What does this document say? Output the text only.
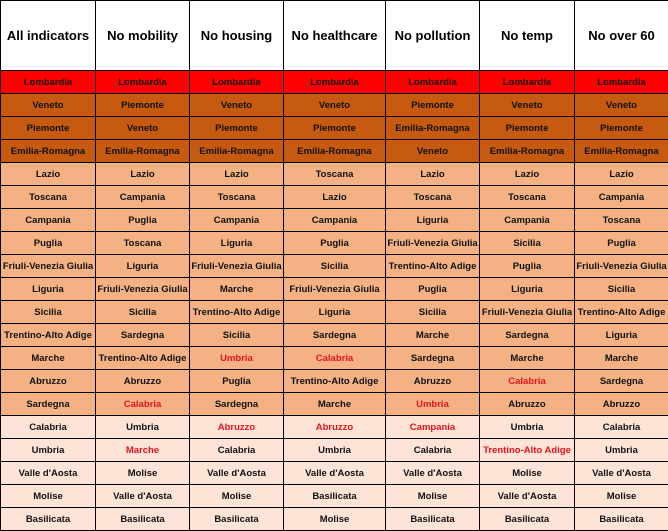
All indicators	No mobility	No housing	No healthcare	No pollution	No temp	No over 60
Lombardia	Lombardia	Lombardia	Lombardia	Lombardia	Lombardia	Lombardia
Veneto	Piemonte	Veneto	Veneto	Piemonte	Veneto	Veneto
Piemonte	Veneto	Piemonte	Piemonte	Emilia-Romagna	Piemonte	Piemonte
Emilia-Romagna	Emilia-Romagna	Emilia-Romagna	Emilia-Romagna	Veneto	Emilia-Romagna	Emilia-Romagna
Lazio	Lazio	Lazio	Toscana	Lazio	Lazio	Lazio
Toscana	Campania	Toscana	Lazio	Toscana	Toscana	Campania
Campania	Puglia	Campania	Campania	Liguria	Campania	Toscana
Puglia	Toscana	Liguria	Puglia	Friuli-Venezia Giulia	Sicilia	Puglia
Friuli-Venezia Giulia	Liguria	Friuli-Venezia Giulia	Sicilia	Trentino-Alto Adige	Puglia	Friuli-Venezia Giulia
Liguria	Friuli-Venezia Giulia	Marche	Friuli-Venezia Giulia	Puglia	Liguria	Sicilia
Sicilia	Sicilia	Trentino-Alto Adige	Liguria	Sicilia	Friuli-Venezia Giulia	Trentino-Alto Adige
Trentino-Alto Adige	Sardegna	Sicilia	Sardegna	Marche	Sardegna	Liguria
Marche	Trentino-Alto Adige	Umbria	Calabria	Sardegna	Marche	Marche
Abruzzo	Abruzzo	Puglia	Trentino-Alto Adige	Abruzzo	Calabria	Sardegna
Sardegna	Calabria	Sardegna	Marche	Umbria	Abruzzo	Abruzzo
Calabria	Umbria	Abruzzo	Abruzzo	Campania	Umbria	Calabria
Umbria	Marche	Calabria	Umbria	Calabria	Trentino-Alto Adige	Umbria
Valle d'Aosta	Molise	Valle d'Aosta	Valle d'Aosta	Valle d'Aosta	Molise	Valle d'Aosta
Molise	Valle d'Aosta	Molise	Basilicata	Molise	Valle d'Aosta	Molise
Basilicata	Basilicata	Basilicata	Molise	Basilicata	Basilicata	Basilicata
